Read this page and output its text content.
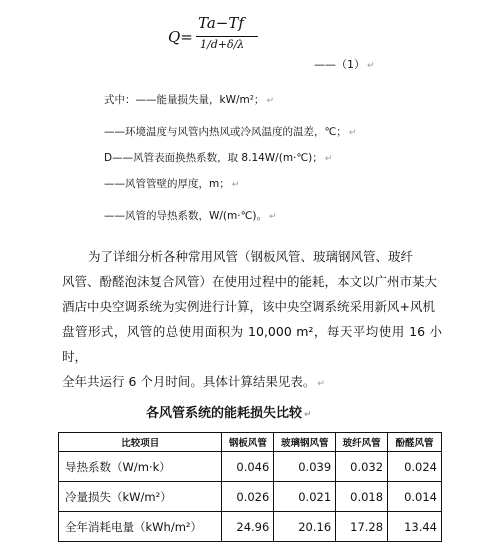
Q=
Ta−Tf
1/d+δ/λ
——（1） ↵
式中：——能量损失量，kW/m²； ↵
——环境温度与风管内热风或冷风温度的温差，℃； ↵
D——风管表面换热系数，取 8.14W/(m·℃)； ↵
——风管管壁的厚度，m； ↵
——风管的导热系数，W/(m·℃)。 ↵

为了详细分析各种常用风管（钢板风管、玻璃钢风管、玻纤

风管、酚醛泡沫复合风管）在使用过程中的能耗，本文以广州市某大

酒店中央空调系统为实例进行计算，该中央空调系统采用新风+风机

盘管形式，风管的总使用面积为 10,000 m²，每天平均使用 16 小时，

全年共运行 6 个月时间。具体计算结果见表。 ↵

各风管系统的能耗损失比较 ↵
比较项目	钢板风管	玻璃钢风管	玻纤风管	酚醛风管
导热系数（W/m·k）	0.046	0.039	0.032	0.024
冷量损失（kW/m²）	0.026	0.021	0.018	0.014
全年消耗电量（kWh/m²）	24.96	20.16	17.28	13.44
